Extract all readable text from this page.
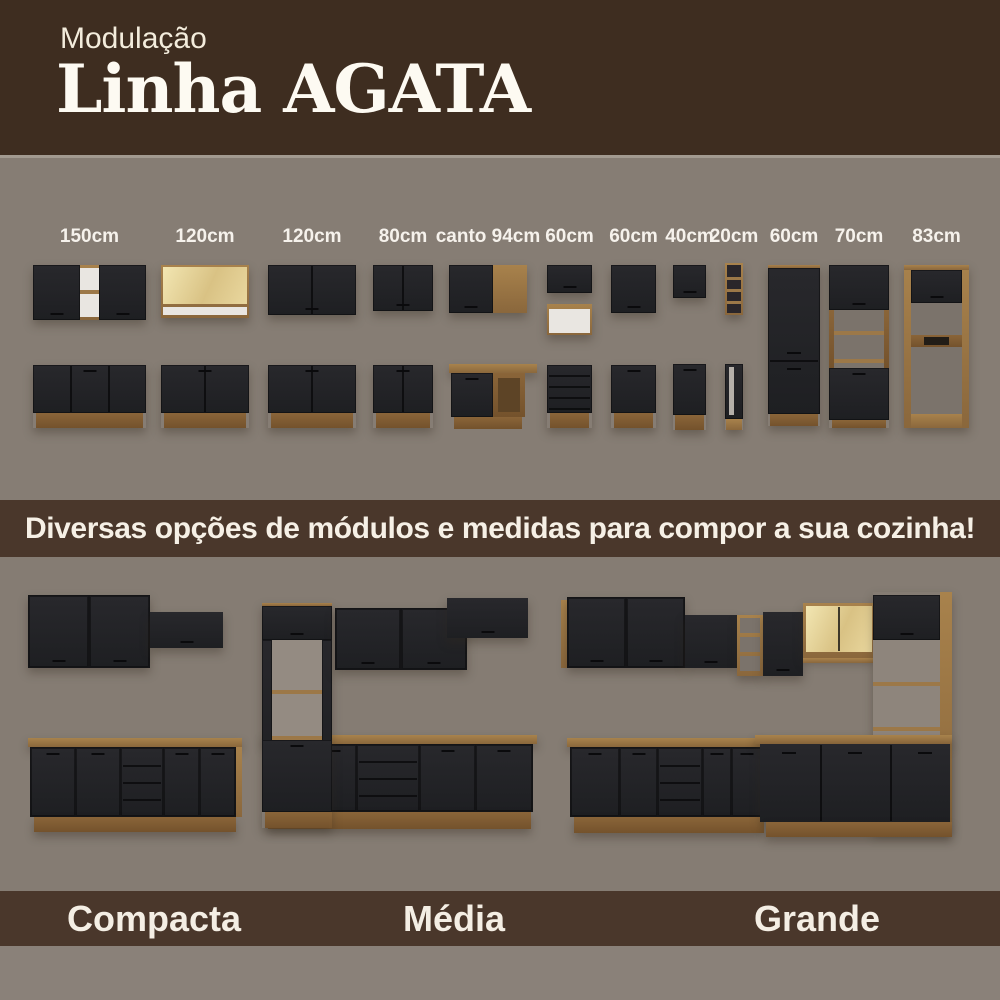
Modulação
Linha AGATA
150cm	120cm	120cm 80cm canto 94cm 60cm 60cm 40cm
20cm 60cm 70cm 83cm
Diversas opções de módulos e medidas para compor a sua cozinha!
Compacta	Média	Grande
